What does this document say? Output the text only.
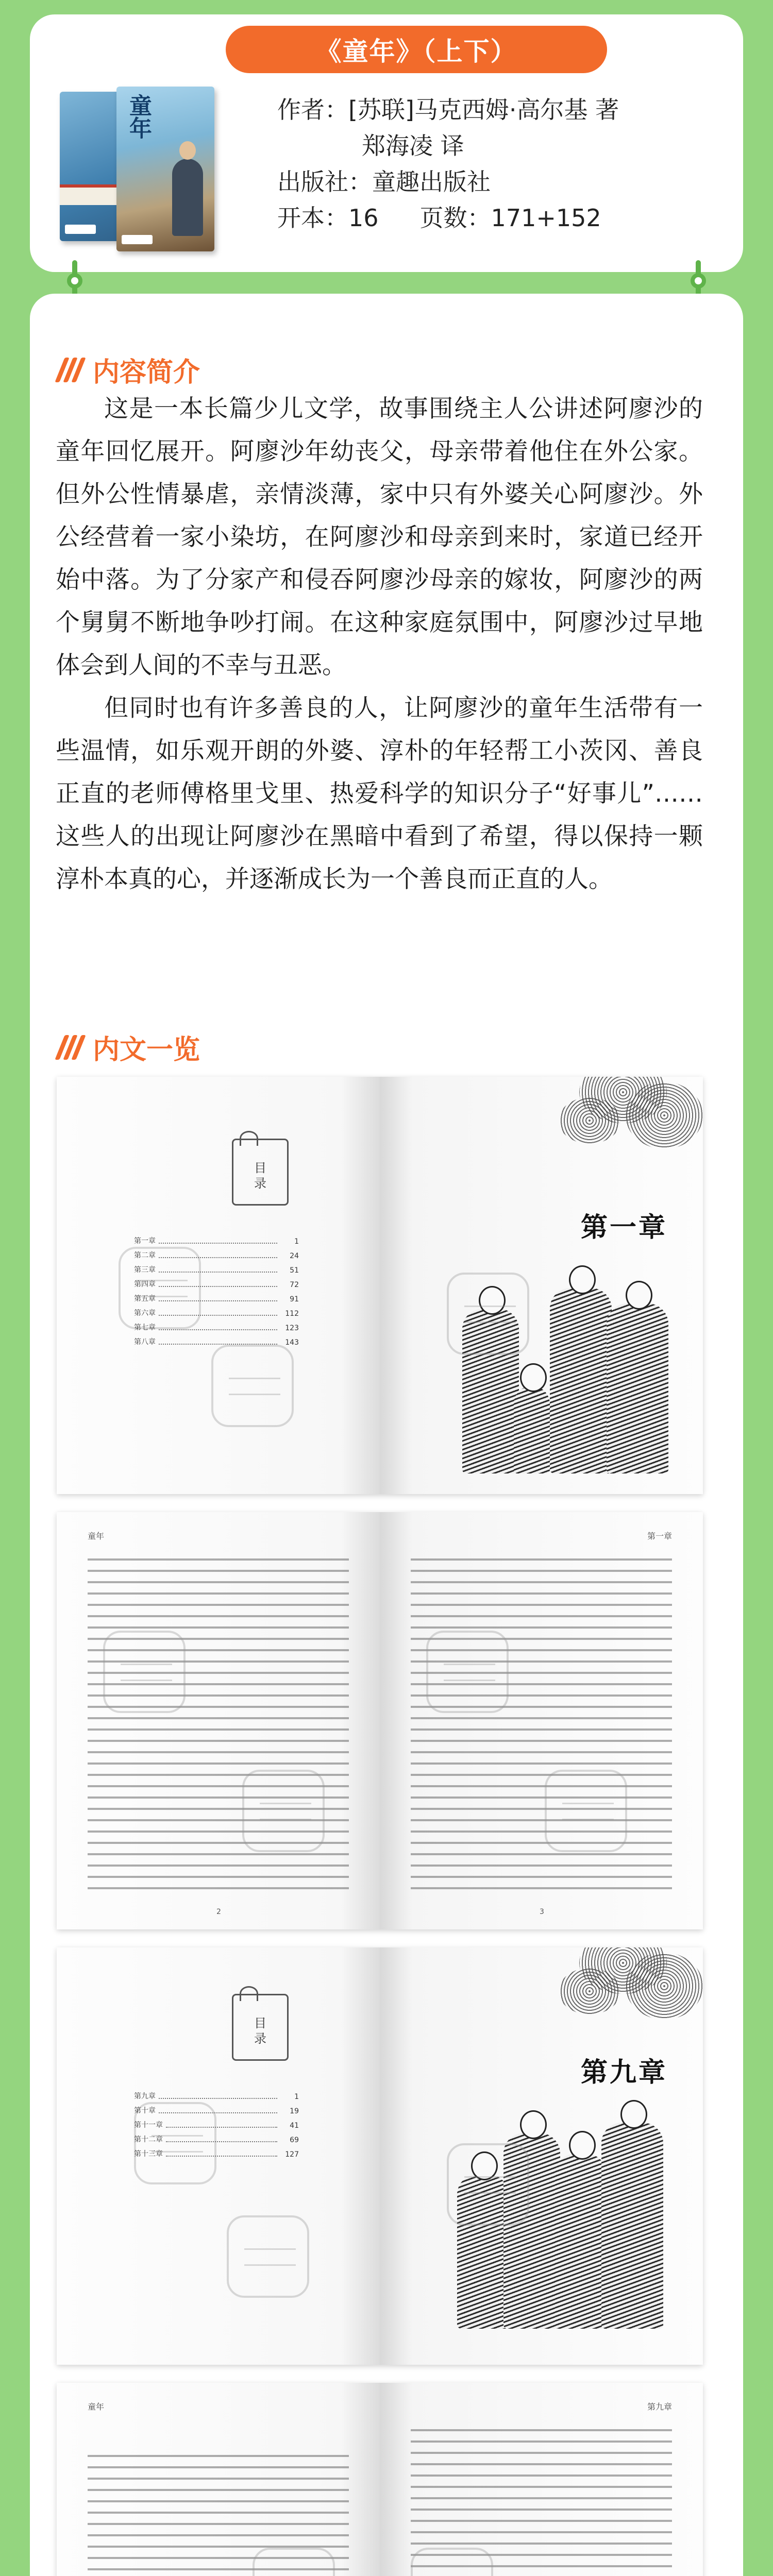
《童年》（上下）
童年	作者： [苏联]马克西姆·高尔基 著
郑海凌 译
出版社： 童趣出版社
开本： 16 页数： 171+152
内容简介

这是一本长篇少儿文学，故事围绕主人公讲述阿廖沙的童年回忆展开。阿廖沙年幼丧父，母亲带着他住在外公家。但外公性情暴虐，亲情淡薄，家中只有外婆关心阿廖沙。外公经营着一家小染坊，在阿廖沙和母亲到来时，家道已经开始中落。为了分家产和侵吞阿廖沙母亲的嫁妆，阿廖沙的两个舅舅不断地争吵打闹。在这种家庭氛围中，阿廖沙过早地体会到人间的不幸与丑恶。

但同时也有许多善良的人，让阿廖沙的童年生活带有一些温情，如乐观开朗的外婆、淳朴的年轻帮工小茨冈、善良正直的老师傅格里戈里、热爱科学的知识分子“好事儿”……这些人的出现让阿廖沙在黑暗中看到了希望，得以保持一颗淳朴本真的心，并逐渐成长为一个善良而正直的人。

内文一览
目录
第一章	1
第二章	24
第三章	51
第四章	72
第五章	91
第六章	112
第七章	123
第八章	143
第一章
童年
2
第一章
3
目录
第九章	1
第十章	19
第十一章	41
第十二章	69
第十三章	127
第九章
童年	第九章
